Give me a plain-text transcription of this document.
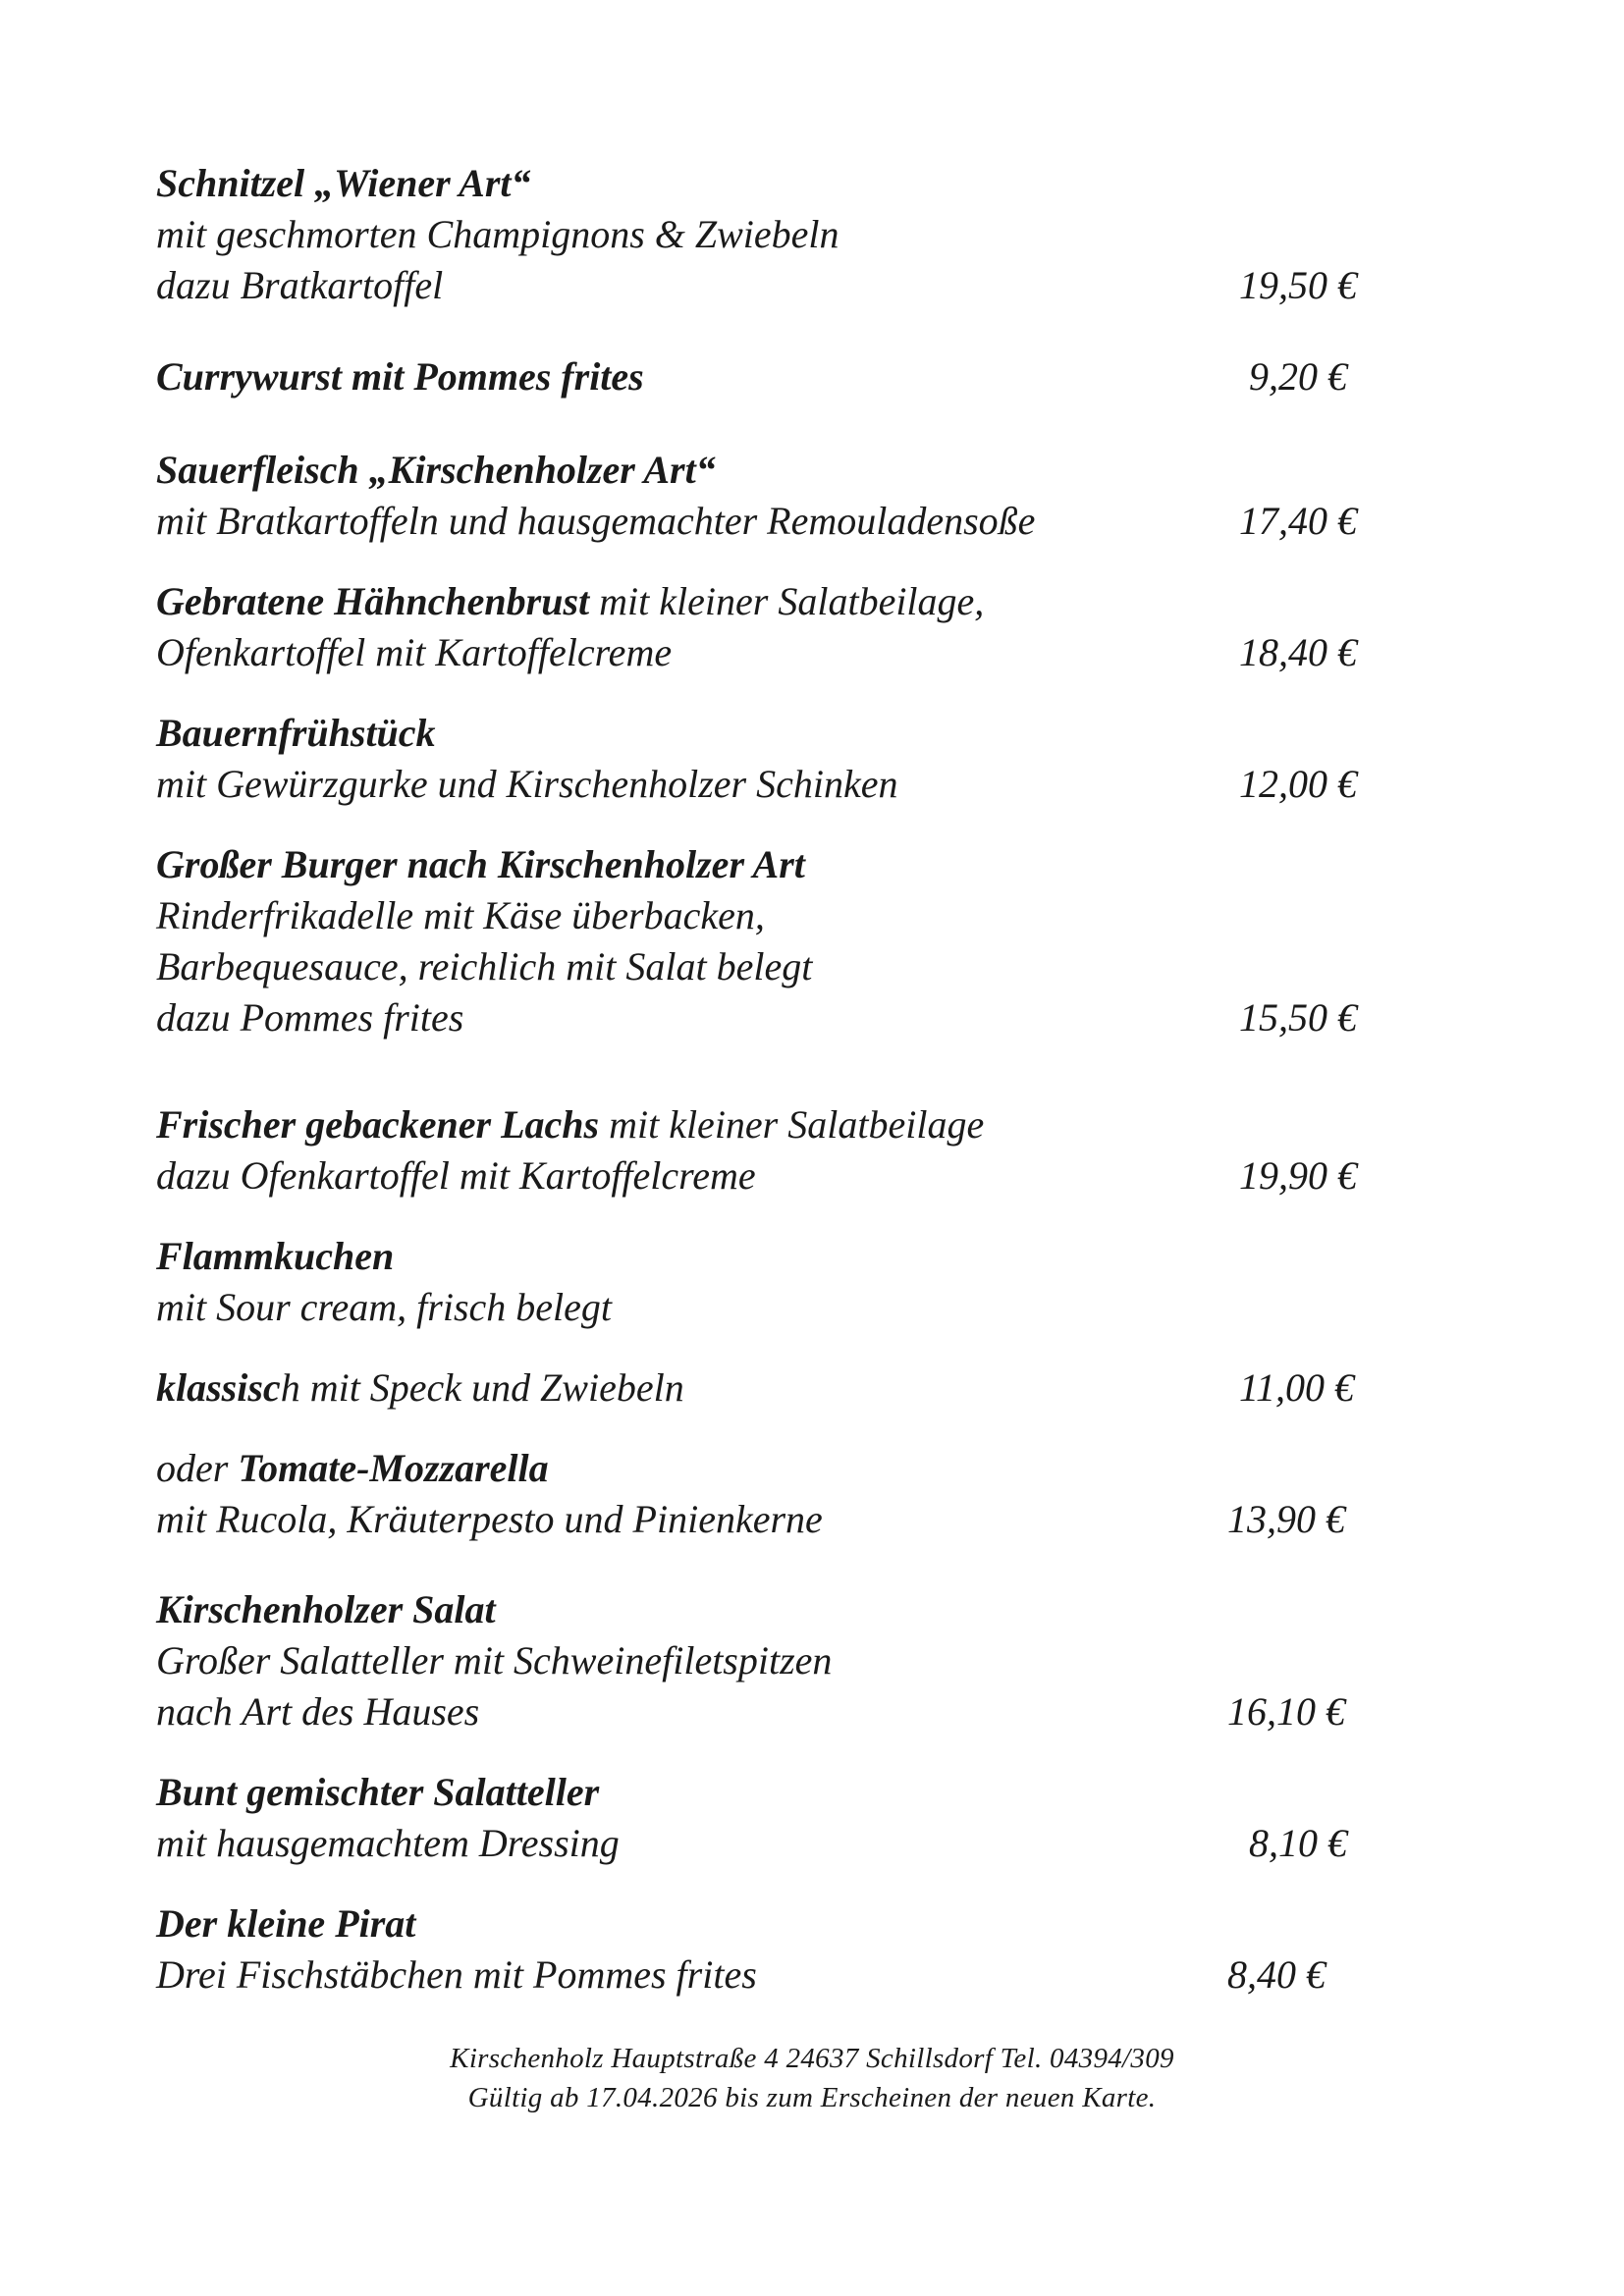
Schnitzel „Wiener Art“
mit geschmorten Champignons & Zwiebeln
dazu Bratkartoffel	19,50 €
Currywurst mit Pommes frites	9,20 €
Sauerfleisch „Kirschenholzer Art“
mit Bratkartoffeln und hausgemachter Remouladensoße	17,40 €
Gebratene Hähnchenbrust mit kleiner Salatbeilage,
Ofenkartoffel mit Kartoffelcreme	18,40 €
Bauernfrühstück
mit Gewürzgurke und Kirschenholzer Schinken	12,00 €
Großer Burger nach Kirschenholzer Art
Rinderfrikadelle mit Käse überbacken,
Barbequesauce, reichlich mit Salat belegt
dazu Pommes frites	15,50 €
Frischer gebackener Lachs mit kleiner Salatbeilage
dazu Ofenkartoffel mit Kartoffelcreme	19,90 €
Flammkuchen
mit Sour cream, frisch belegt
klassisch mit Speck und Zwiebeln	11,00 €
oder Tomate-Mozzarella
mit Rucola, Kräuterpesto und Pinienkerne	13,90 €
Kirschenholzer Salat
Großer Salatteller mit Schweinefiletspitzen
nach Art des Hauses	16,10 €
Bunt gemischter Salatteller
mit hausgemachtem Dressing	8,10 €
Der kleine Pirat
Drei Fischstäbchen mit Pommes frites	8,40 €
Kirschenholz Hauptstraße 4 24637 Schillsdorf Tel. 04394/309
Gültig ab 17.04.2026 bis zum Erscheinen der neuen Karte.
